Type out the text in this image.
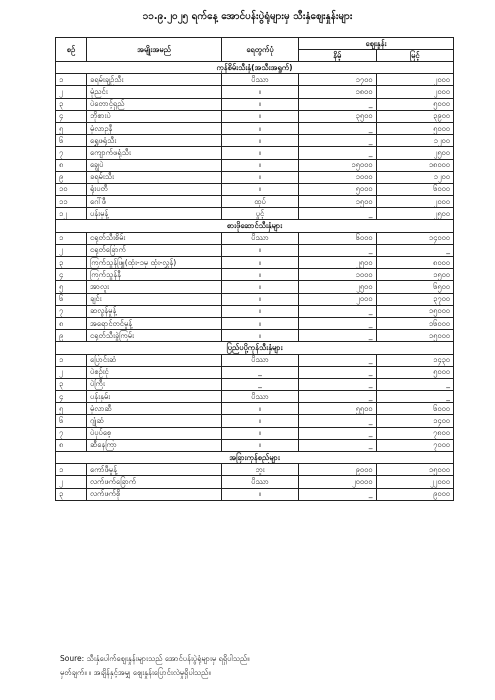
၁၁.၉.၂၀၂၅ ရက်နေ့ အောင်ပန်းပွဲရုံများမှ သီးနှံဈေးနှုန်းများ
စဉ်	အမျိုးအမည်	ရေတွက်ပုံ	ဈေးနှုန်း	
			နိမ့်	မြင့်
ကုန်စိမ်းသီးနှံ(အသီးအရွက်)				
၁	ခရမ်းချဉ်သီး	ပိဿာ	၁၇၀၀	၂၀၀၀
၂	မုံညင်း	။	၁၈၀၀	၂၀၀၀
၃	ပဲတောင့်ရှည်	။	_	၅၀၀၀
၄	ဘိုစားပဲ	။	၃၅၀၀	၃၉၀၀
၅	မုံလာဥနီ	။	_	၅၀၀၀
၆	ရွှေဖရုံသီး	။	_	၁၂၀၀
၇	ကျောက်ဖရုံသီး	။	_	၂၅၀၀
၈	ချွေပဲ	။	၁၅၀၀၀	၁၈၀၀၀
၉	ခရမ်းသီး	။	၁၀၀၀	၁၂၀၀
၁၀	ရုံးပတီ	။	၅၀၀၀	၆၀၀၀
၁၁	ဂေါ်ဖီ	ထုပ်	၁၅၀၀	၂၀၀၀
၁၂	ပန်းမုန့်	ပွင့်	_	၂၅၀၀
စားဖိုဆောင်သီးနှံများ				
၁	ငရုတ်သီးစိမ်း	ပိဿာ	၆၀၀၀	၁၄၀၀၀
၂	ငရုတ်ခြောက်	။	_	_
၃	ကြက်သွန်ဖြူ(ထုံး-၁မှ ထုံး-လွှန်)	။	၂၅၀၀	၈၀၀၀
၄	ကြက်သွန်နီ	။	၁၀၀၀	၁၅၀၀
၅	အာလူး	။	၂၅၀၀	၆၅၀၀
၆	ချင်း	။	၂၀၀၀	၃၇၀၀
၇	ဆလွန်မှုန့်	။	_	၁၅၀၀၀
၈	အရောင်တင်မှုန့်	။	_	၁၆၀၀၀
၉	ငရုတ်သီးခွဲကြမ်း	။	_	၁၅၀၀၀
ပြည်ပပို့ကုန်သီးနှံများ				
၁	ပြောင်းဆံ	ပိဿာ	_	၁၄၃၀
၂	ပဲစဉ်းငုံ	_	_	၅၀၀၀
၃	ပဲကြီး	_	_	_
၄	ပန်းနှမ်း	ပိဿာ	_	_
၅	မုံလာဆီ	။	၅၅၀၀	၆၀၀၀
၆	ဂျုံဆံ	။	_	၁၄၀၀
၇	ပဲပုပ်စေ့	။	_	၇၈၀၀
၈	ဆီနေကြာ	။	_	၇၀၀၀
အခြားကုန်စည်များ				
၁	ကော်ဖီမှုန့်	ဘူး	၉၀၀၀	၁၅၀၀၀
၂	လက်ဖက်ခြောက်	ပိဿာ	၂၀၀၀၀	၂၂၀၀၀
၃	လက်ဖက်စို	။	_	၉၀၀၀
Soure: သီးနှံပေါက်ဈေးနှုန်းများသည် အောင်ပန်းပွဲရုံများမှ ရရှိပါသည်။
မှတ်ချက်။ ။ အချိန်နှင့်အမျှ ဈေးနှုန်းပြောင်းလဲမှုရှိပါသည်။
